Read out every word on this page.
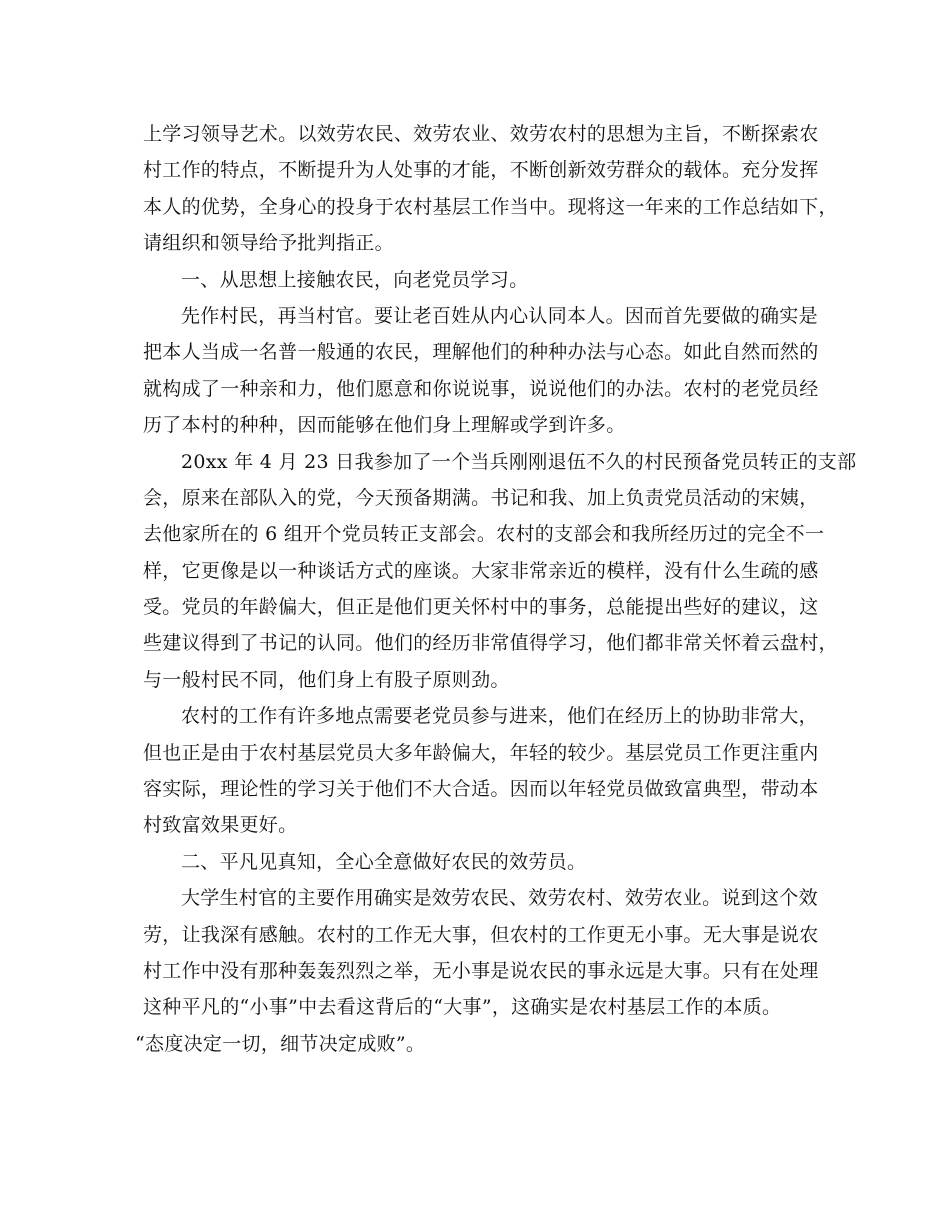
上学习领导艺术。以效劳农民、效劳农业、效劳农村的思想为主旨，不断探索农
村工作的特点，不断提升为人处事的才能，不断创新效劳群众的载体。充分发挥
本人的优势，全身心的投身于农村基层工作当中。现将这一年来的工作总结如下，
请组织和领导给予批判指正。
一、从思想上接触农民，向老党员学习。
先作村民，再当村官。要让老百姓从内心认同本人。因而首先要做的确实是
把本人当成一名普一般通的农民，理解他们的种种办法与心态。如此自然而然的
就构成了一种亲和力，他们愿意和你说说事，说说他们的办法。农村的老党员经
历了本村的种种，因而能够在他们身上理解或学到许多。
20xx 年 4 月 23 日我参加了一个当兵刚刚退伍不久的村民预备党员转正的支部
会，原来在部队入的党，今天预备期满。书记和我、加上负责党员活动的宋姨，
去他家所在的 6 组开个党员转正支部会。农村的支部会和我所经历过的完全不一
样，它更像是以一种谈话方式的座谈。大家非常亲近的模样，没有什么生疏的感
受。党员的年龄偏大，但正是他们更关怀村中的事务，总能提出些好的建议，这
些建议得到了书记的认同。他们的经历非常值得学习，他们都非常关怀着云盘村，
与一般村民不同，他们身上有股子原则劲。
农村的工作有许多地点需要老党员参与进来，他们在经历上的协助非常大，
但也正是由于农村基层党员大多年龄偏大，年轻的较少。基层党员工作更注重内
容实际，理论性的学习关于他们不大合适。因而以年轻党员做致富典型，带动本
村致富效果更好。
二、平凡见真知，全心全意做好农民的效劳员。
大学生村官的主要作用确实是效劳农民、效劳农村、效劳农业。说到这个效
劳，让我深有感触。农村的工作无大事，但农村的工作更无小事。无大事是说农
村工作中没有那种轰轰烈烈之举，无小事是说农民的事永远是大事。只有在处理
这种平凡的“小事”中去看这背后的“大事”，这确实是农村基层工作的本质。
“态度决定一切，细节决定成败”。
